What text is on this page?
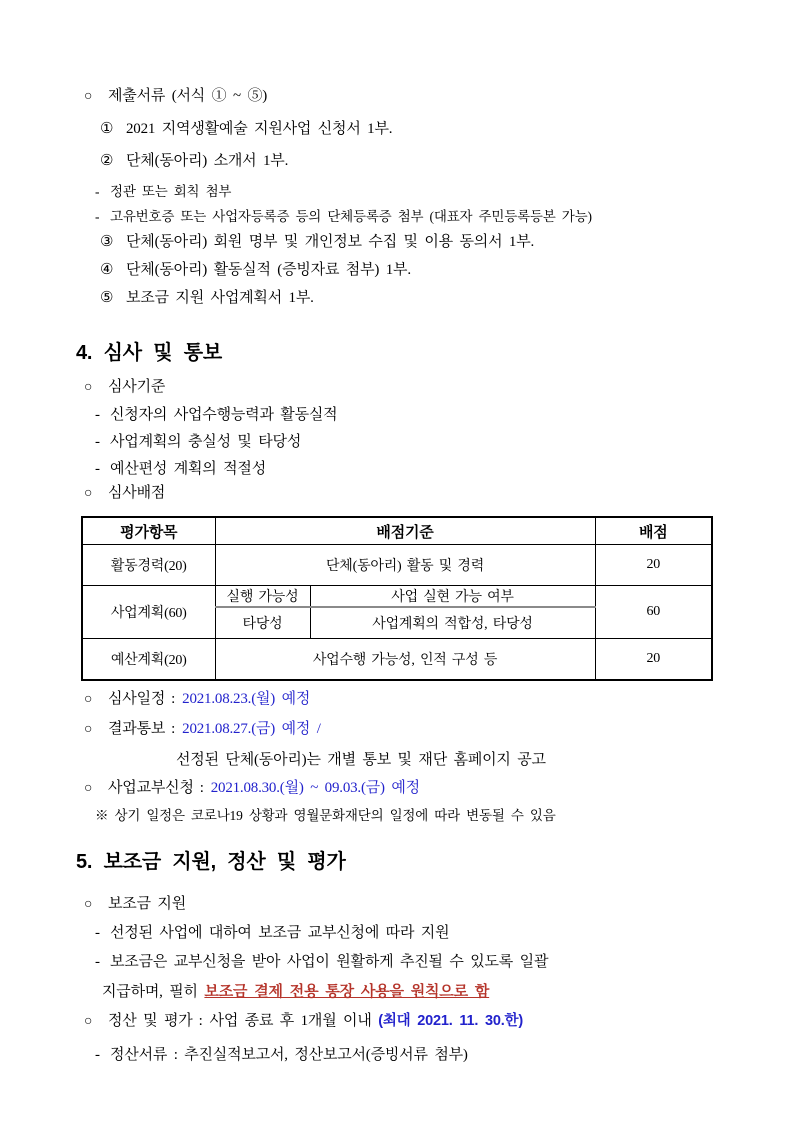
○ 제출서류 (서식 ① ~ ⑤)
① 2021 지역생활예술 지원사업 신청서 1부.
② 단체(동아리) 소개서 1부.
- 정관 또는 회칙 첨부
- 고유번호증 또는 사업자등록증 등의 단체등록증 첨부 (대표자 주민등록등본 가능)
③ 단체(동아리) 회원 명부 및 개인정보 수집 및 이용 동의서 1부.
④ 단체(동아리) 활동실적 (증빙자료 첨부) 1부.
⑤ 보조금 지원 사업계획서 1부.
4. 심사 및 통보
○ 심사기준
- 신청자의 사업수행능력과 활동실적
- 사업계획의 충실성 및 타당성
- 예산편성 계획의 적절성
○ 심사배점
평가항목	배점기준		배점
활동경력(20)	단체(동아리) 활동 및 경력		20
사업계획(60)	실행 가능성	사업 실현 가능 여부	60
	타당성	사업계획의 적합성, 타당성	
예산계획(20)	사업수행 가능성, 인적 구성 등		20
○ 심사일정 : 2021.08.23.(월) 예정
○ 결과통보 : 2021.08.27.(금) 예정 /
선정된 단체(동아리)는 개별 통보 및 재단 홈페이지 공고
○ 사업교부신청 : 2021.08.30.(월) ~ 09.03.(금) 예정
※ 상기 일정은 코로나19 상황과 영월문화재단의 일정에 따라 변동될 수 있음
5. 보조금 지원, 정산 및 평가
○ 보조금 지원
- 선정된 사업에 대하여 보조금 교부신청에 따라 지원
- 보조금은 교부신청을 받아 사업이 원활하게 추진될 수 있도록 일괄
지급하며, 필히 보조금 결제 전용 통장 사용을 원칙으로 함
○ 정산 및 평가 : 사업 종료 후 1개월 이내 (최대 2021. 11. 30.한)
- 정산서류 : 추진실적보고서, 정산보고서(증빙서류 첨부)
